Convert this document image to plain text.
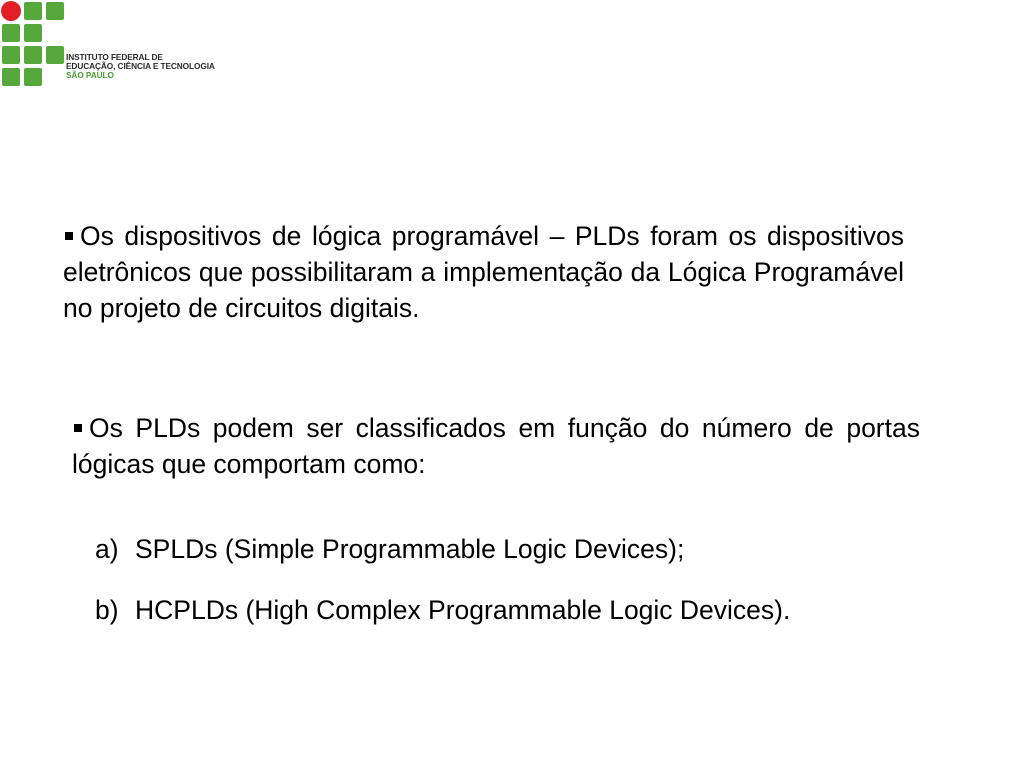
INSTITUTO FEDERAL DE
EDUCAÇÃO, CIÊNCIA E TECNOLOGIA
SÃO PAULO
Os dispositivos de lógica programável – PLDs foram os dispositivos eletrônicos que possibilitaram a implementação da Lógica Programável no projeto de circuitos digitais.
Os PLDs podem ser classificados em função do número de portas lógicas que comportam como:
a) SPLDs (Simple Programmable Logic Devices);
b) HCPLDs (High Complex Programmable Logic Devices).
